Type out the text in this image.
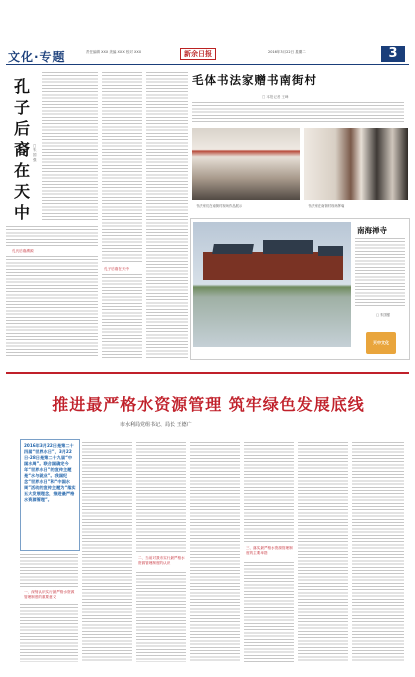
文化·专题	责任编辑 XXX 美编 XXX 校对 XXX	新余日报	2016年3月22日 星期二	3
孔子后裔在天中
□ 朱国强
孔氏后裔溯源
孔子后裔在天中
毛体书法家赠书南街村
□ 本报记者 王峰
书法家们在南街村现场作品展示	书法家在南街村现场挥毫
南海禅寺
□ 朱国强
天中文化
推进最严格水资源管理 筑牢绿色发展底线
市水利局党组书记、局长 王德广
2016年3月22日是第二十四届“世界水日”，3月22日-28日是第二十九届“中国水周”。联合国确定今年“世界水日”的宣传主题是“水与就业”。我国纪念“世界水日”和“中国水周”活动的宣传主题为“落实五大发展理念，推进最严格水资源管理”。
一、深刻认识实行最严格水资源管理制度的重要意义
二、当前对我市实行最严格水资源管理制度的认识
三、落实最严格水资源管理制度的主要举措
